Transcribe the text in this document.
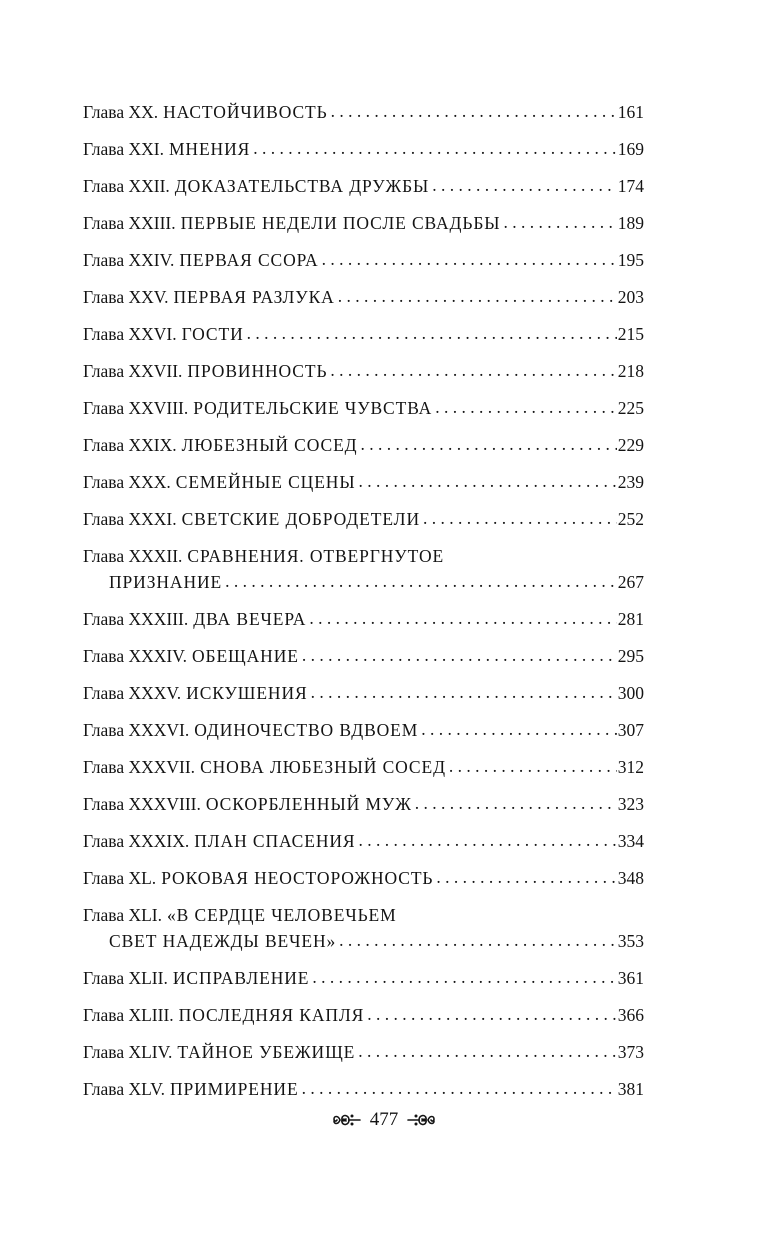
Глава XX. НАСТОЙЧИВОСТЬ . . .	161
Глава XXI. МНЕНИЯ . . .	169
Глава XXII. ДОКАЗАТЕЛЬСТВА ДРУЖБЫ . . .	174
Глава XXIII. ПЕРВЫЕ НЕДЕЛИ ПОСЛЕ СВАДЬБЫ . . .	189
Глава XXIV. ПЕРВАЯ ССОРА . . .	195
Глава XXV. ПЕРВАЯ РАЗЛУКА . . .	203
Глава XXVI. ГОСТИ . . .	215
Глава XXVII. ПРОВИННОСТЬ . . .	218
Глава XXVIII. РОДИТЕЛЬСКИЕ ЧУВСТВА . . .	225
Глава XXIX. ЛЮБЕЗНЫЙ СОСЕД . . .	229
Глава XXX. СЕМЕЙНЫЕ СЦЕНЫ . . .	239
Глава XXXI. СВЕТСКИЕ ДОБРОДЕТЕЛИ . . .	252
Глава XXXII. СРАВНЕНИЯ. ОТВЕРГНУТОЕ
ПРИЗНАНИЕ . . .	267
Глава XXXIII. ДВА ВЕЧЕРА . . .	281
Глава XXXIV. ОБЕЩАНИЕ . . .	295
Глава XXXV. ИСКУШЕНИЯ . . .	300
Глава XXXVI. ОДИНОЧЕСТВО ВДВОЕМ . . .	307
Глава XXXVII. СНОВА ЛЮБЕЗНЫЙ СОСЕД . . .	312
Глава XXXVIII. ОСКОРБЛЕННЫЙ МУЖ . . .	323
Глава XXXIX. ПЛАН СПАСЕНИЯ . . .	334
Глава XL. РОКОВАЯ НЕОСТОРОЖНОСТЬ . . .	348
Глава XLI. «В СЕРДЦЕ ЧЕЛОВЕЧЬЕМ
СВЕТ НАДЕЖДЫ ВЕЧЕН» . . .	353
Глава XLII. ИСПРАВЛЕНИЕ . . .	361
Глава XLIII. ПОСЛЕДНЯЯ КАПЛЯ . . .	366
Глава XLIV. ТАЙНОЕ УБЕЖИЩЕ . . .	373
Глава XLV. ПРИМИРЕНИЕ . . .	381
477
